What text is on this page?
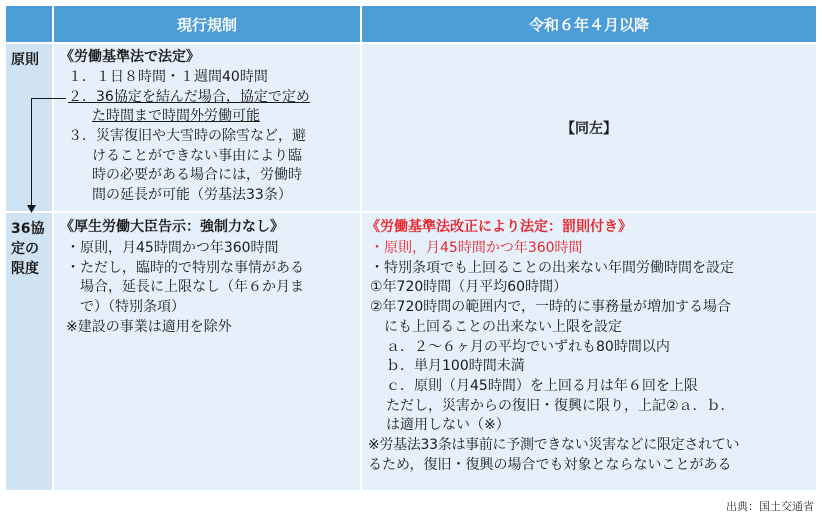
現行規制	令和６年４月以降
原則	《労働基準法で法定》
１．１日８時間・１週間40時間
２．36協定を結んだ場合，協定で定め
た時間まで時間外労働可能
３．災害復旧や大雪時の除雪など，避
けることができない事由により臨
時の必要がある場合には，労働時
間の延長が可能（労基法33条）
【同左】
36協
定の
限度
《厚生労働大臣告示：強制力なし》
・原則，月45時間かつ年360時間
・ただし，臨時的で特別な事情がある
場合，延長に上限なし（年６か月ま
で）（特別条項）
※建設の事業は適用を除外
《労働基準法改正により法定：罰則付き》
・原則，月45時間かつ年360時間
・特別条項でも上回ることの出来ない年間労働時間を設定
①年720時間（月平均60時間）
②年720時間の範囲内で，一時的に事務量が増加する場合
にも上回ることの出来ない上限を設定
ａ．２～６ヶ月の平均でいずれも80時間以内
ｂ．単月100時間未満
ｃ．原則（月45時間）を上回る月は年６回を上限
ただし，災害からの復旧・復興に限り，上記②ａ．ｂ．
は適用しない（※）
※労基法33条は事前に予測できない災害などに限定されてい
るため，復旧・復興の場合でも対象とならないことがある
出典：国土交通省
